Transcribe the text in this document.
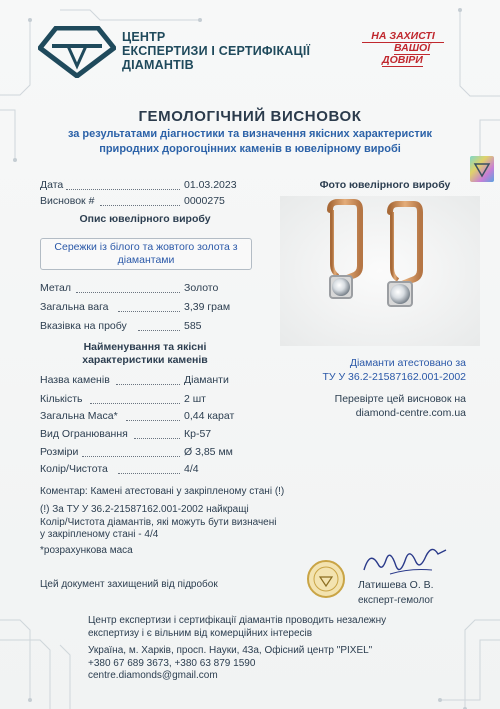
ЦЕНТР
ЕКСПЕРТИЗИ І СЕРТИФІКАЦІЇ
ДІАМАНТІВ
НА ЗАХИСТІ
ВАШОЇ
ДОВІРИ
ГЕМОЛОГІЧНИЙ ВИСНОВОК
за результатами діагностики та визначення якісних характеристик
природних дорогоцінних каменів в ювелірному виробі
Дата	01.03.2023
Висновок #	0000275
Опис ювелірного виробу
Сережки із білого та жовтого золота з
діамантами
Метал	Золото
Загальна вага	3,39 грам
Вказівка на пробу	585
Найменування та якісні
характеристики каменів
Назва каменів	Діаманти
Кількість	2 шт
Загальна Маса*	0,44 карат
Вид Огранювання	Кр-57
Розміри	Ø 3,85 мм
Колір/Чистота	4/4
Фото ювелірного виробу
Діаманти атестовано за
ТУ У 36.2-21587162.001-2002
Перевірте цей висновок на
diamond-centre.com.ua
Коментар: Камені атестовані у закріпленому стані (!)
(!) За ТУ У 36.2-21587162.001-2002 найкращі
Колір/Чистота діамантів, які можуть бути визначені
у закріпленому стані - 4/4
*розрахункова маса
Цей документ захищений від підробок	Латишева О. В.
експерт-гемолог
Центр експертизи і сертифікації діамантів проводить незалежну
експертизу і є вільним від комерційних інтересів
Україна, м. Харків, просп. Науки, 43а, Офісний центр "PIXEL"
+380 67 689 3673, +380 63 879 1590
centre.diamonds@gmail.com
